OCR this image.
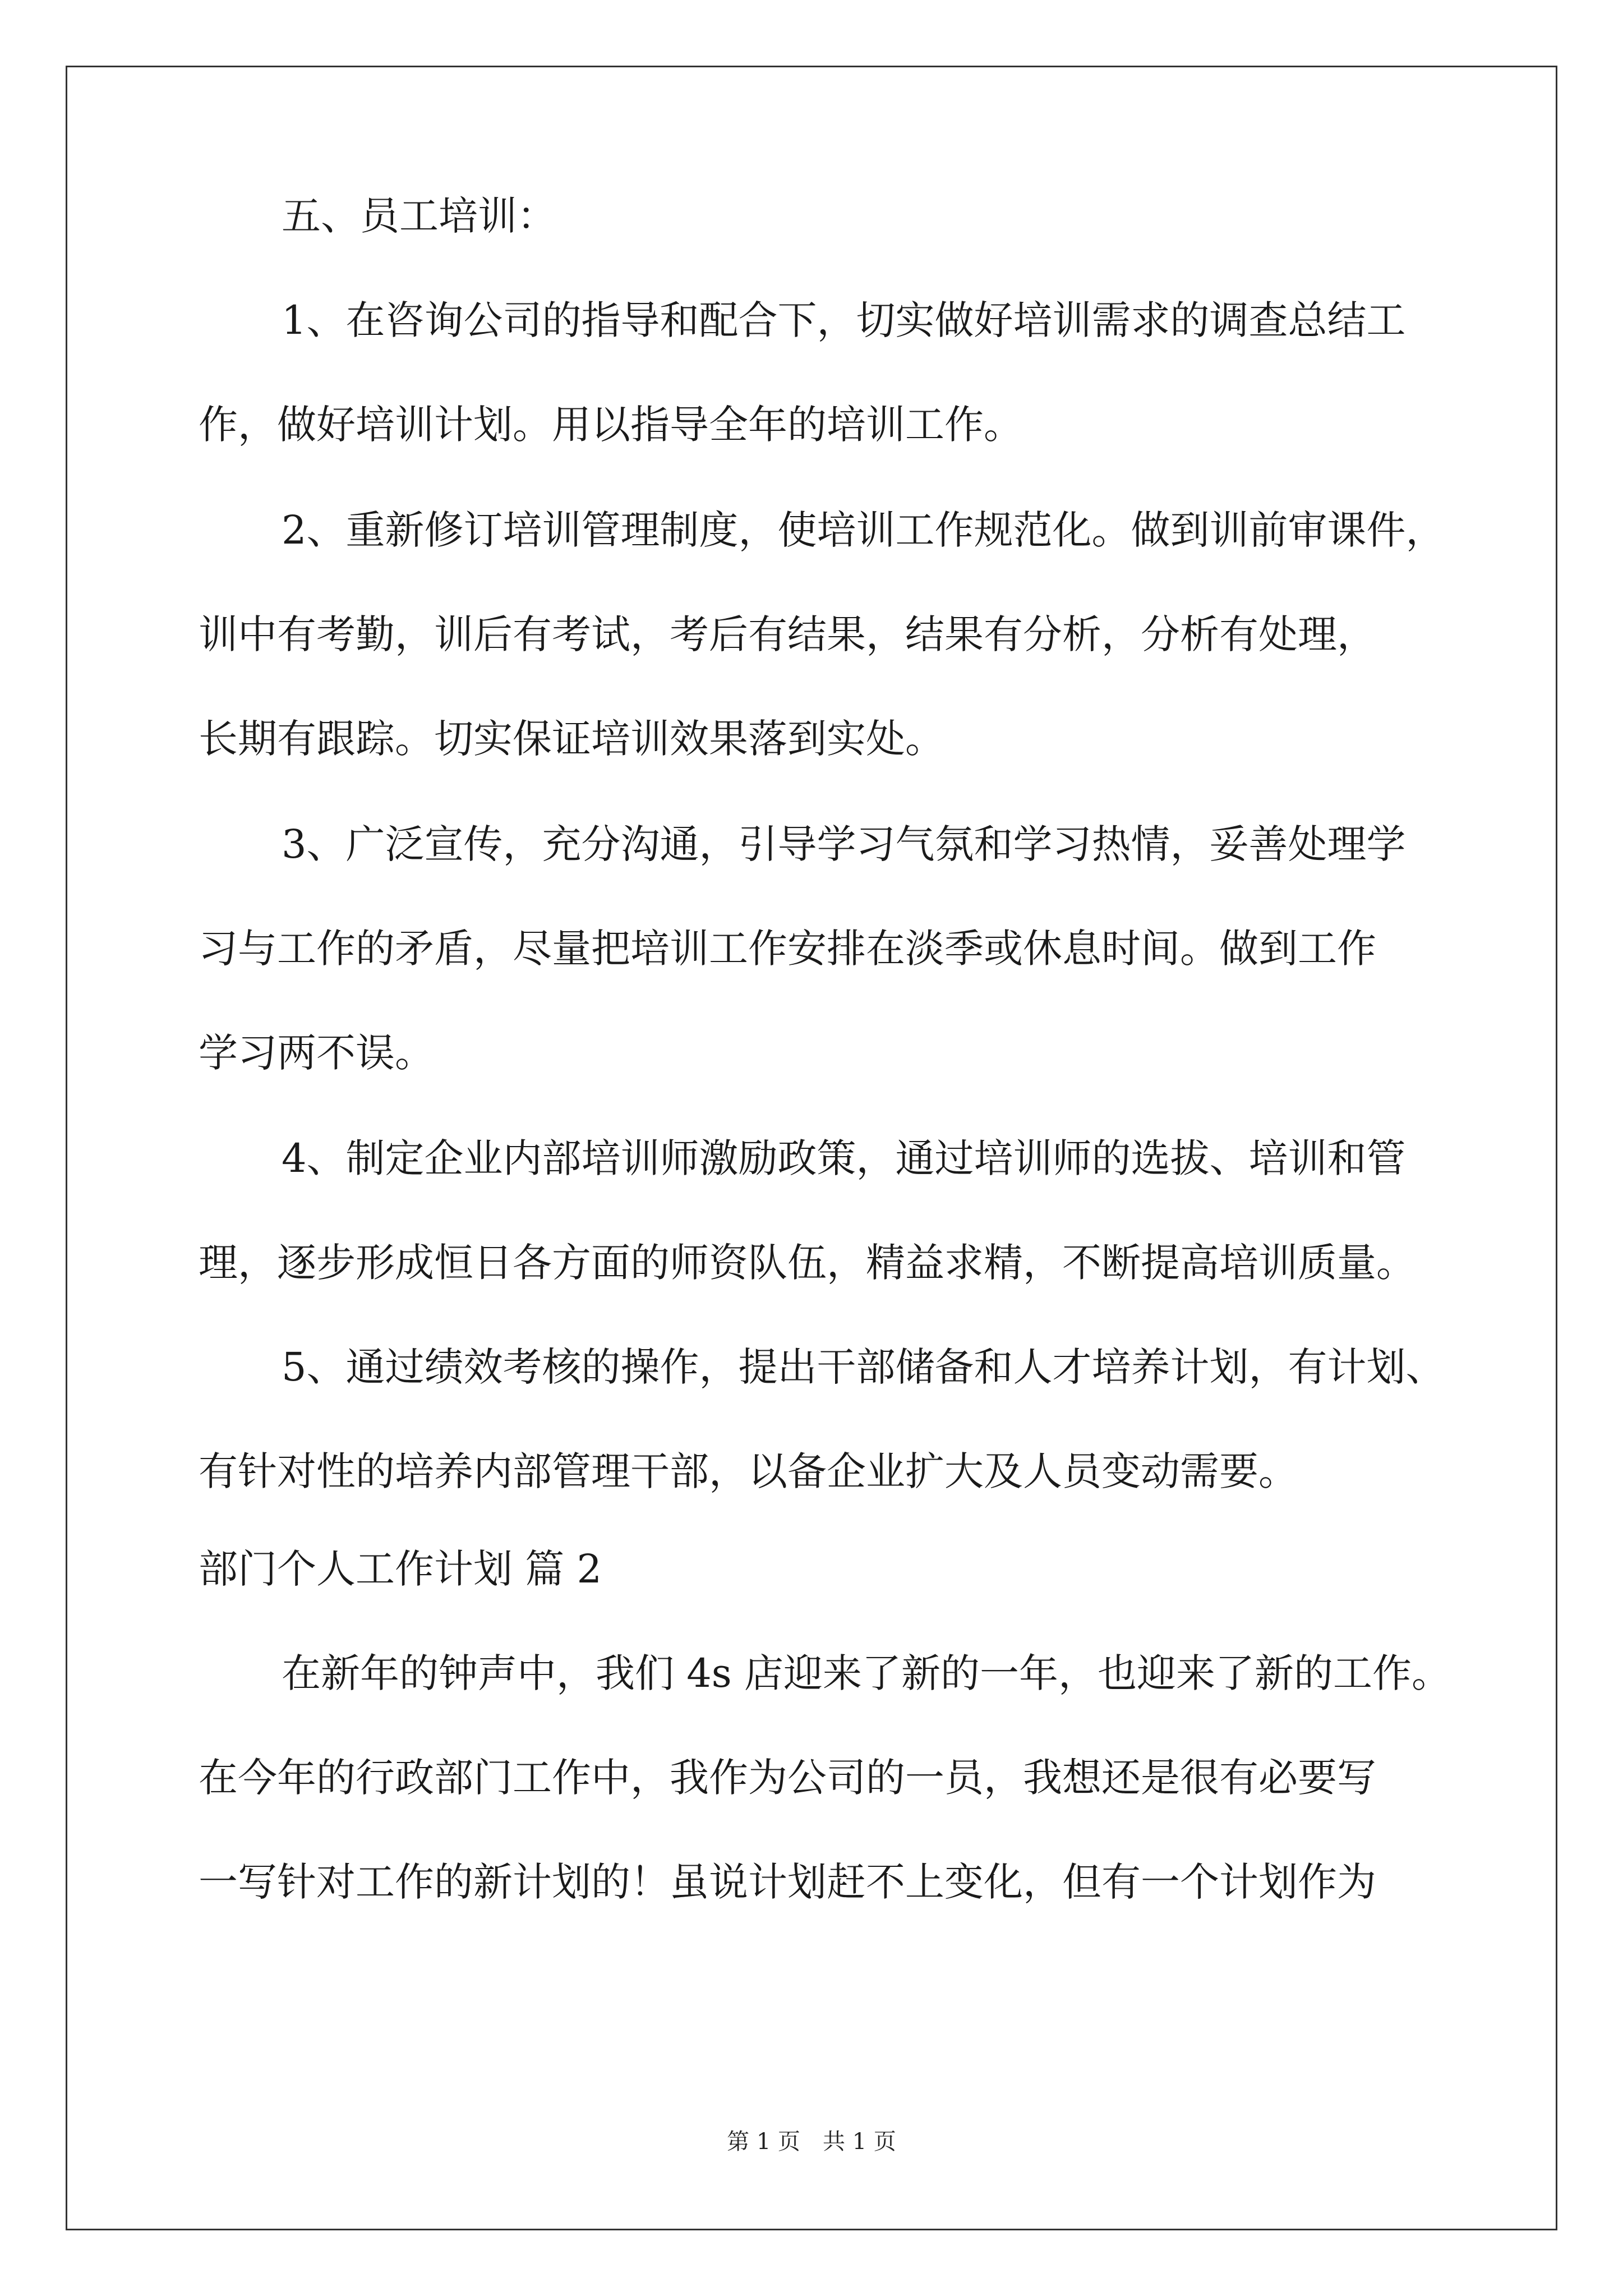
五、员工培训：
1、在咨询公司的指导和配合下，切实做好培训需求的调查总结工
作，做好培训计划。用以指导全年的培训工作。
2、重新修订培训管理制度，使培训工作规范化。做到训前审课件，
训中有考勤，训后有考试，考后有结果，结果有分析，分析有处理，
长期有跟踪。切实保证培训效果落到实处。
3、广泛宣传，充分沟通，引导学习气氛和学习热情，妥善处理学
习与工作的矛盾，尽量把培训工作安排在淡季或休息时间。做到工作
学习两不误。
4、制定企业内部培训师激励政策，通过培训师的选拔、培训和管
理，逐步形成恒日各方面的师资队伍，精益求精，不断提高培训质量。
5、通过绩效考核的操作，提出干部储备和人才培养计划，有计划、
有针对性的培养内部管理干部，以备企业扩大及人员变动需要。
部门个人工作计划 篇 2
在新年的钟声中，我们 4s 店迎来了新的一年，也迎来了新的工作。
在今年的行政部门工作中，我作为公司的一员，我想还是很有必要写
一写针对工作的新计划的！虽说计划赶不上变化，但有一个计划作为
第 1 页　共 1 页
